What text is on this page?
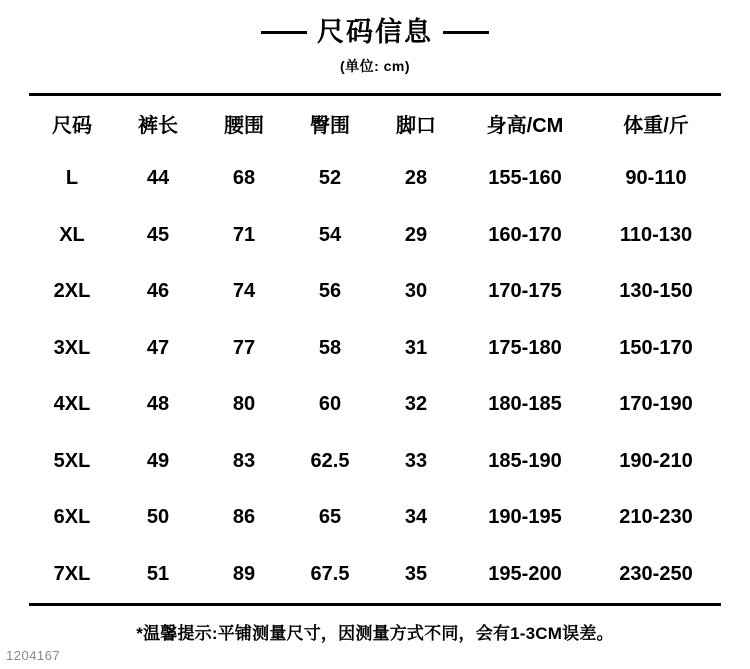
尺码信息
(单位: cm)
尺码	裤长	腰围	臀围	脚口	身高/CM	体重/斤
L	44	68	52	28	155-160	90-110
XL	45	71	54	29	160-170	110-130
2XL	46	74	56	30	170-175	130-150
3XL	47	77	58	31	175-180	150-170
4XL	48	80	60	32	180-185	170-190
5XL	49	83	62.5	33	185-190	190-210
6XL	50	86	65	34	190-195	210-230
7XL	51	89	67.5	35	195-200	230-250
*温馨提示:平铺测量尺寸，因测量方式不同，会有1-3CM误差。
1204167
